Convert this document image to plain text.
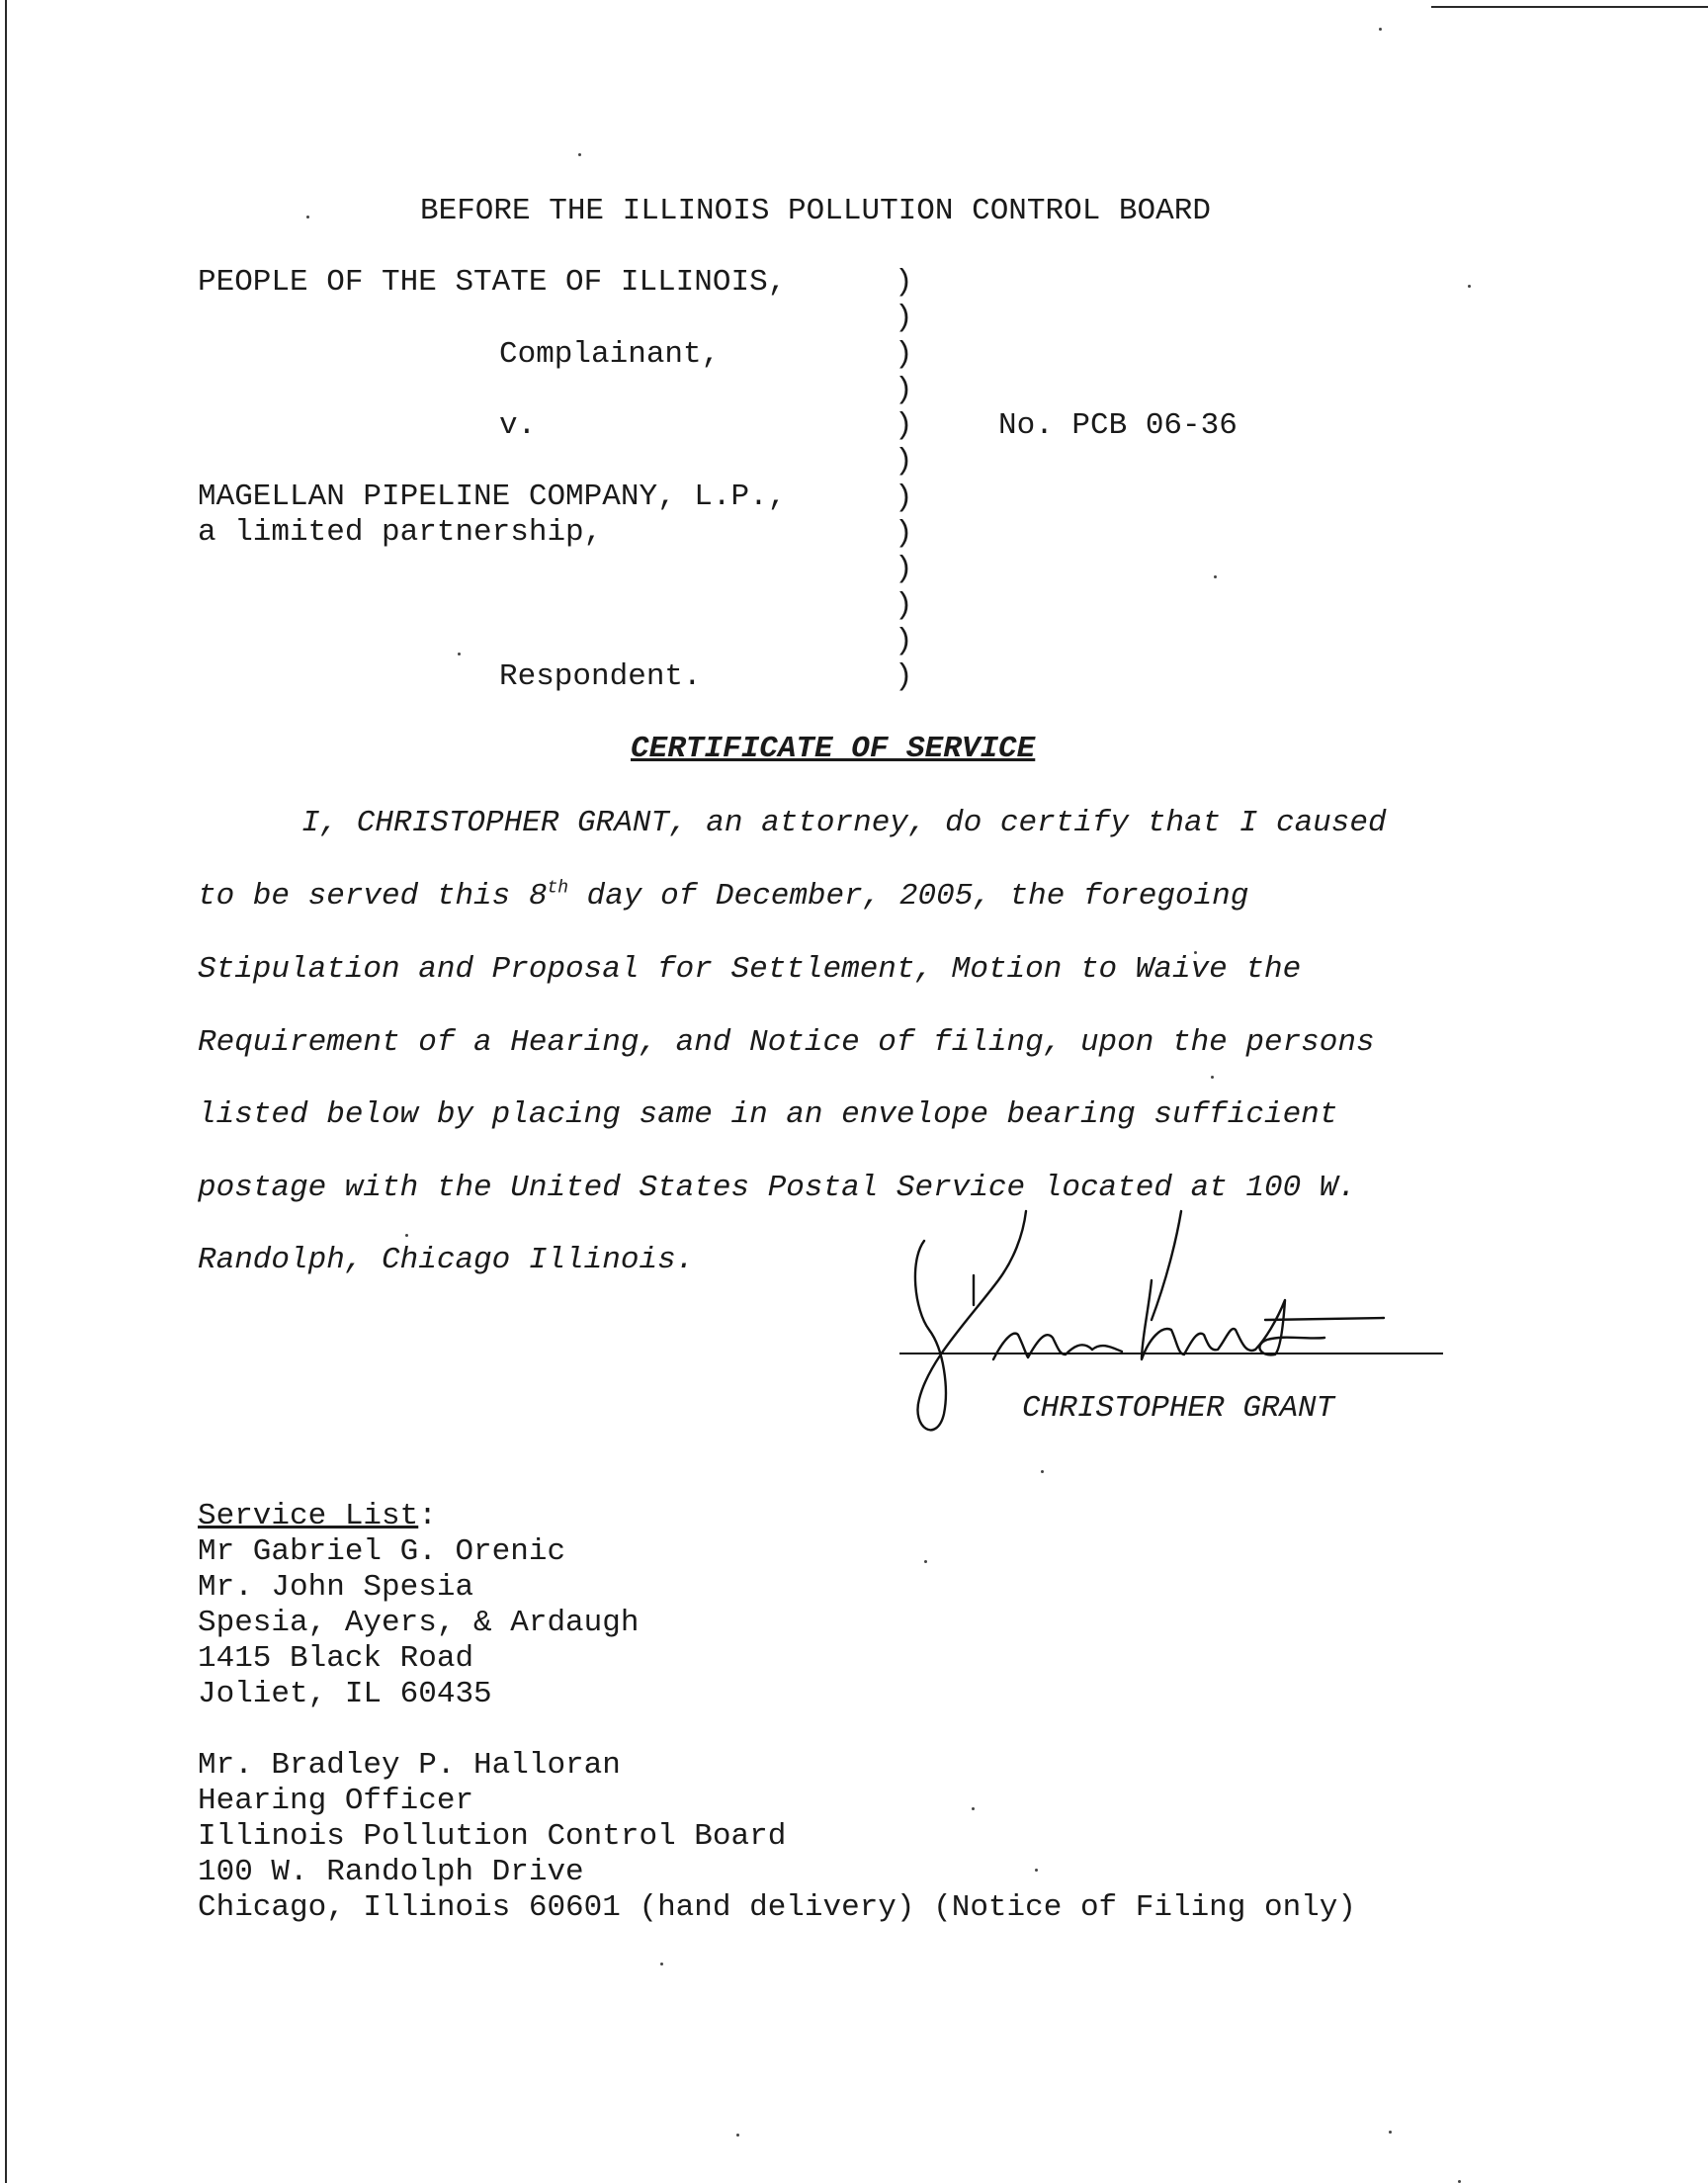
BEFORE THE ILLINOIS POLLUTION CONTROL BOARD

PEOPLE OF THE STATE OF ILLINOIS,

Complainant,

v.

MAGELLAN PIPELINE COMPANY, L.P.,

a limited partnership,

Respondent.

)
)
)
)
)
)
)
)
)
)
)
)

No. PCB 06-36

CERTIFICATE OF SERVICE

I, CHRISTOPHER GRANT, an attorney, do certify that I caused

to be served this 8th day of December, 2005, the foregoing

Stipulation and Proposal for Settlement, Motion to Waive the

Requirement of a Hearing, and Notice of filing, upon the persons

listed below by placing same in an envelope bearing sufficient

postage with the United States Postal Service located at 100 W.

Randolph, Chicago Illinois.

CHRISTOPHER GRANT

Service List:

Mr Gabriel G. Orenic

Mr. John Spesia

Spesia, Ayers, & Ardaugh

1415 Black Road

Joliet, IL 60435

Mr. Bradley P. Halloran

Hearing Officer

Illinois Pollution Control Board

100 W. Randolph Drive

Chicago, Illinois 60601 (hand delivery) (Notice of Filing only)
